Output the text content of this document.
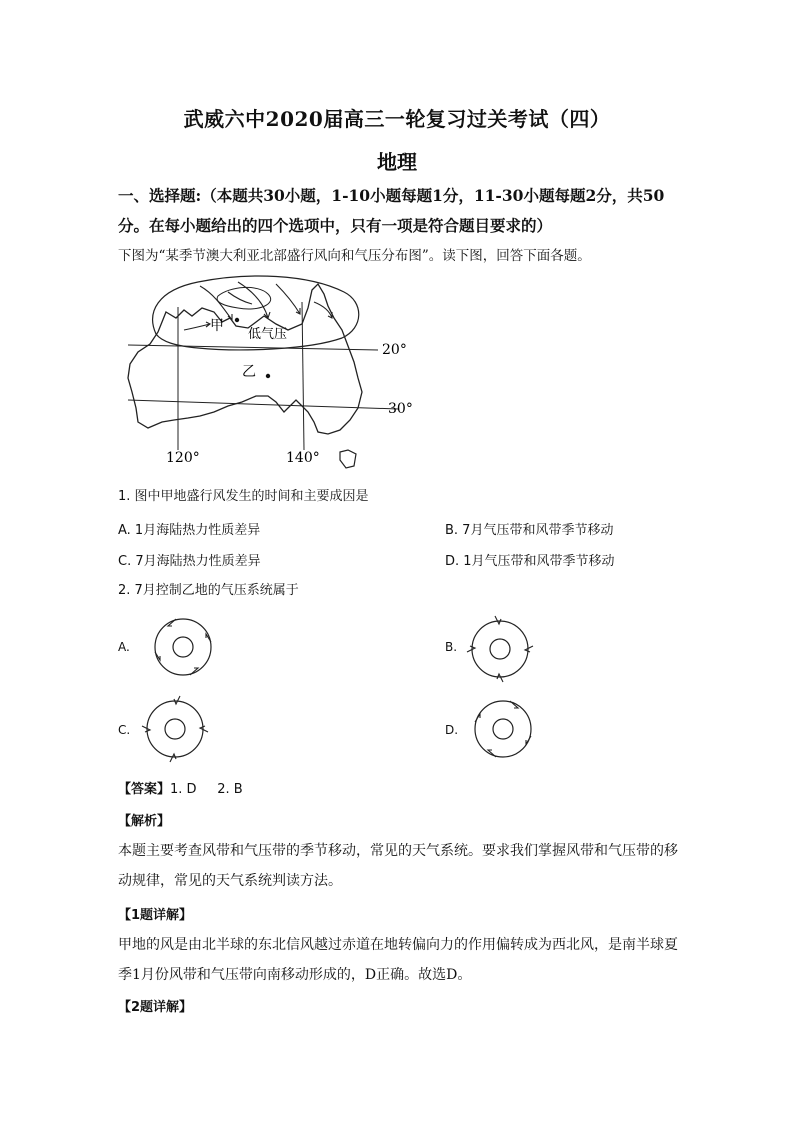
武威六中2020届高三一轮复习过关考试（四）
地理
一、选择题:（本题共30小题，1-10小题每题1分，11-30小题每题2分，共50
分。在每小题给出的四个选项中，只有一项是符合题目要求的）
下图为“某季节澳大利亚北部盛行风向和气压分布图”。读下图，回答下面各题。
甲
乙
低气压
20°
30°
120°	140°
1. 图中甲地盛行风发生的时间和主要成因是
A. 1月海陆热力性质差异	B. 7月气压带和风带季节移动
C. 7月海陆热力性质差异	D. 1月气压带和风带季节移动
2. 7月控制乙地的气压系统属于
A.	B.
C.	D.
【答案】1. D     2. B
【解析】
本题主要考查风带和气压带的季节移动，常见的天气系统。要求我们掌握风带和气压带的移
动规律，常见的天气系统判读方法。
【1题详解】
甲地的风是由北半球的东北信风越过赤道在地转偏向力的作用偏转成为西北风，是南半球夏
季1月份风带和气压带向南移动形成的，D正确。故选D。
【2题详解】
